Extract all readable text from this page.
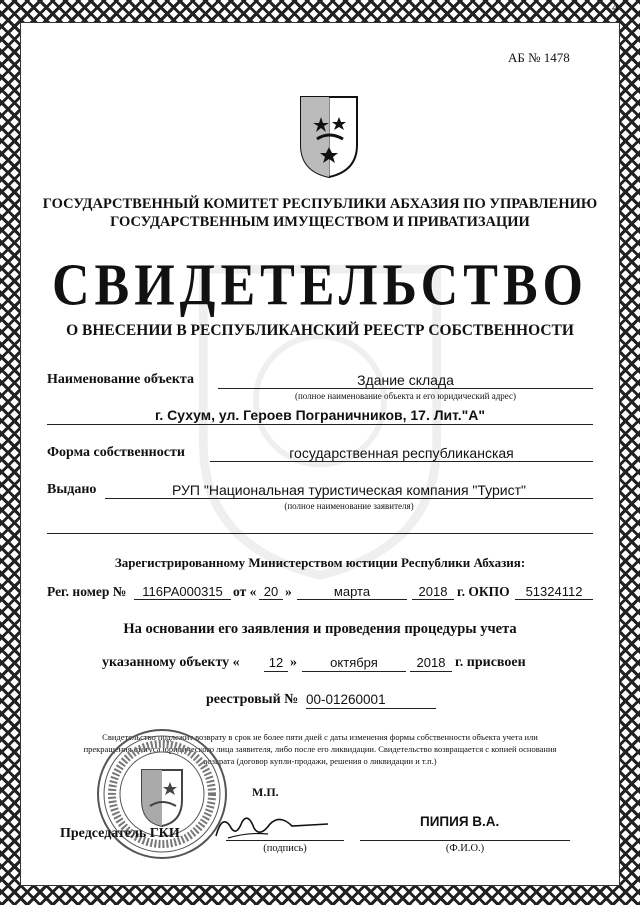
4
АБ № 1478
ГОСУДАРСТВЕННЫЙ КОМИТЕТ РЕСПУБЛИКИ АБХАЗИЯ ПО УПРАВЛЕНИЮ
ГОСУДАРСТВЕННЫМ ИМУЩЕСТВОМ И ПРИВАТИЗАЦИИ
СВИДЕТЕЛЬСТВО
О ВНЕСЕНИИ В РЕСПУБЛИКАНСКИЙ РЕЕСТР СОБСТВЕННОСТИ
Наименование объекта	Здание склада
(полное наименование объекта и его юридический адрес)
г. Сухум, ул. Героев Пограничников, 17. Лит."А"
Форма собственности	государственная республиканская
Выдано	РУП "Национальная туристическая компания "Турист"
(полное наименование заявителя)
Зарегистрированному Министерством юстиции Республики Абхазия:
Рег. номер №	116РА000315 от « 20 »	марта	2018 г. ОКПО	51324112
На основании его заявления и проведения процедуры учета
указанному объекту «	12 »	октября	2018 г. присвоен
реестровый № 00-01260001
Свидетельство подлежит возврату в срок не более пяти дней с даты изменения формы собственности объекта учета или
прекращения статуса юридического лица заявителя, либо после его ликвидации. Свидетельство возвращается с копией основания
возврата (договор купли-продажи, решения о ликвидации и т.п.)
М.П.
Председатель ГКИ
(подпись)
ПИПИЯ В.А.
(Ф.И.О.)
